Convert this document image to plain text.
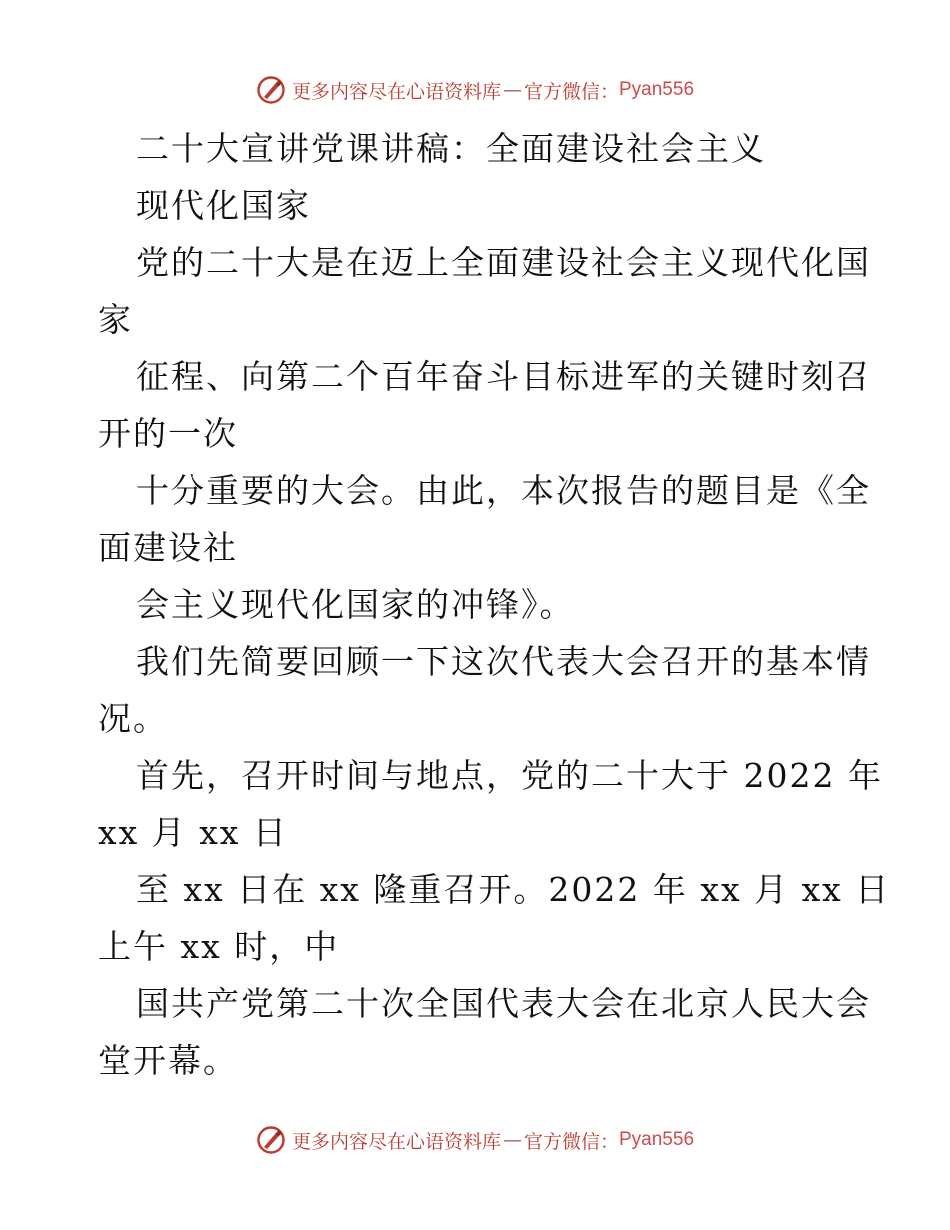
更多内容尽在心语资料库 — 官方微信： Pyan556
二十大宣讲党课讲稿：全面建设社会主义
现代化国家
党的二十大是在迈上全面建设社会主义现代化国
家
征程、向第二个百年奋斗目标进军的关键时刻召
开的一次
十分重要的大会。由此，本次报告的题目是《全
面建设社
会主义现代化国家的冲锋》。
我们先简要回顾一下这次代表大会召开的基本情
况。
首先，召开时间与地点，党的二十大于 2022 年
xx 月 xx 日
至 xx 日在 xx 隆重召开。2022 年 xx 月 xx 日
上午 xx 时，中
国共产党第二十次全国代表大会在北京人民大会
堂开幕。
更多内容尽在心语资料库 — 官方微信： Pyan556
